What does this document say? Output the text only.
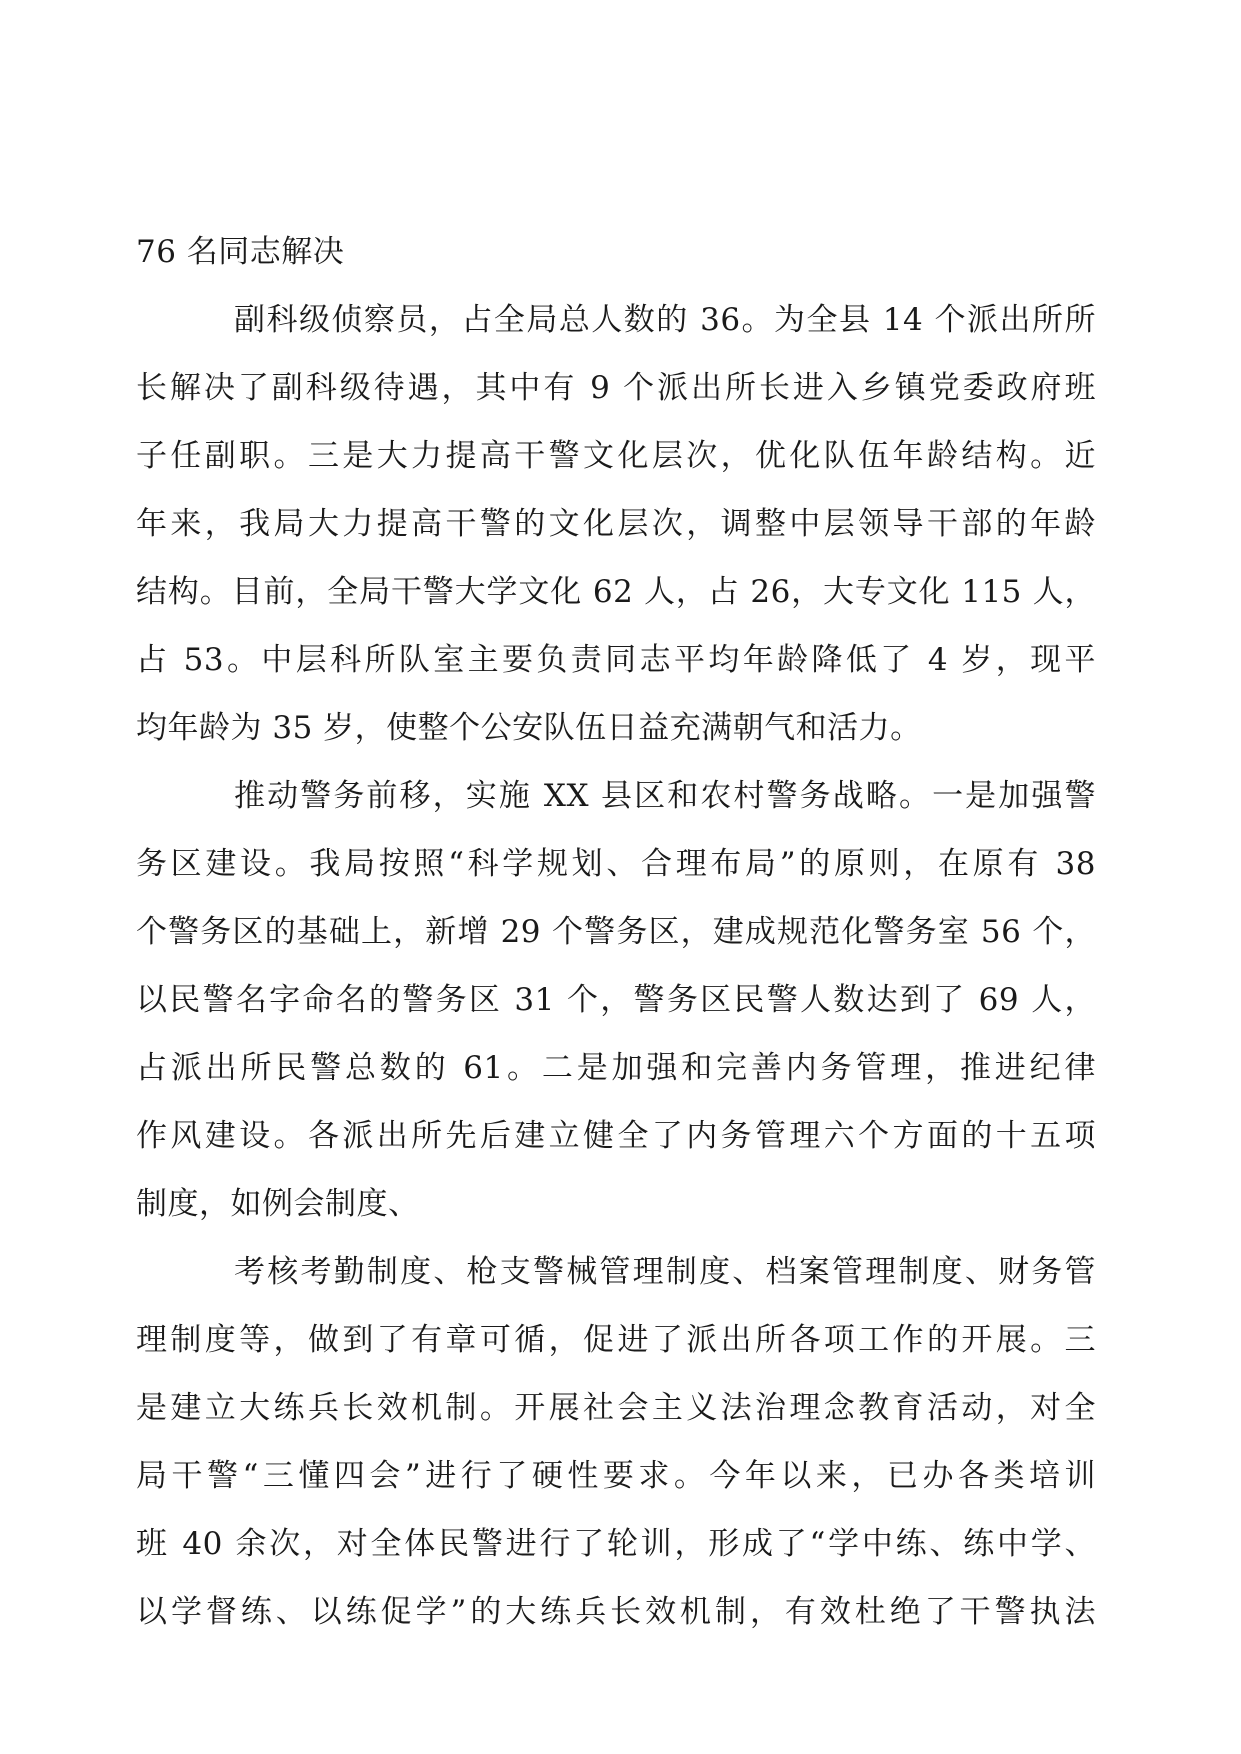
76 名同志解决
副科级侦察员，占全局总人数的 36。为全县 14 个派出所所
长解决了副科级待遇，其中有 9 个派出所长进入乡镇党委政府班
子任副职。三是大力提高干警文化层次，优化队伍年龄结构。近
年来，我局大力提高干警的文化层次，调整中层领导干部的年龄
结构。目前，全局干警大学文化 62 人，占 26，大专文化 115 人，
占 53。中层科所队室主要负责同志平均年龄降低了 4 岁，现平
均年龄为 35 岁，使整个公安队伍日益充满朝气和活力。
推动警务前移，实施 XX 县区和农村警务战略。一是加强警
务区建设。我局按照“科学规划、合理布局”的原则，在原有 38
个警务区的基础上，新增 29 个警务区，建成规范化警务室 56 个，
以民警名字命名的警务区 31 个，警务区民警人数达到了 69 人，
占派出所民警总数的 61。二是加强和完善内务管理，推进纪律
作风建设。各派出所先后建立健全了内务管理六个方面的十五项
制度，如例会制度、
考核考勤制度、枪支警械管理制度、档案管理制度、财务管
理制度等，做到了有章可循，促进了派出所各项工作的开展。三
是建立大练兵长效机制。开展社会主义法治理念教育活动，对全
局干警“三懂四会”进行了硬性要求。今年以来，已办各类培训
班 40 余次，对全体民警进行了轮训，形成了“学中练、练中学、
以学督练、以练促学”的大练兵长效机制，有效杜绝了干警执法
